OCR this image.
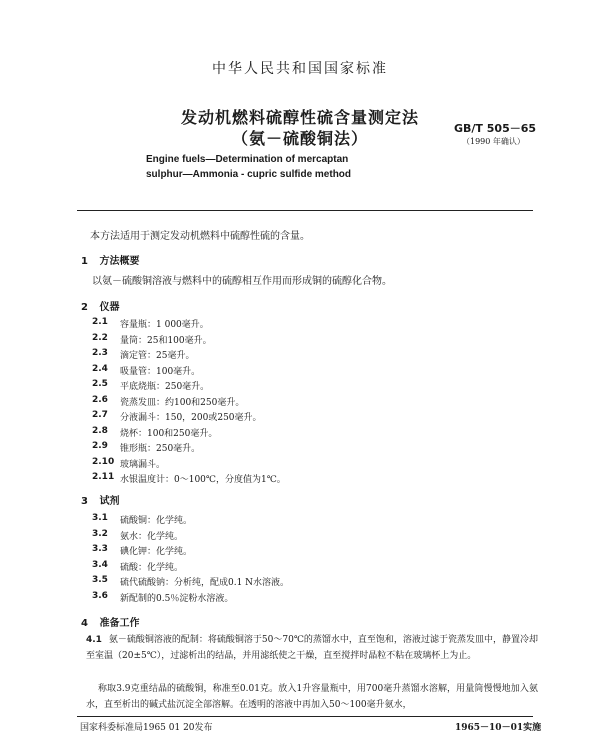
中华人民共和国国家标准
发动机燃料硫醇性硫含量测定法
（氨－硫酸铜法）
GB/T 505－65
（1990 年确认）
Engine fuels—Determination of mercaptan
sulphur—Ammonia - cupric sulfide method
本方法适用于测定发动机燃料中硫醇性硫的含量。
1 方法概要
以氨－硫酸铜溶液与燃料中的硫醇相互作用而形成铜的硫醇化合物。
2 仪器
2.1	容量瓶：1 000毫升。
2.2	量筒：25和100毫升。
2.3	滴定管：25毫升。
2.4	吸量管：100毫升。
2.5	平底烧瓶：250毫升。
2.6	瓷蒸发皿：约100和250毫升。
2.7	分液漏斗：150，200或250毫升。
2.8	烧杯：100和250毫升。
2.9	锥形瓶：250毫升。
2.10 玻璃漏斗。
2.11 水银温度计：0～100℃，分度值为1℃。
3 试剂
3.1	硫酸铜：化学纯。
3.2	氨水：化学纯。
3.3	碘化钾：化学纯。
3.4	硫酸：化学纯。
3.5	硫代硫酸钠：分析纯，配成0.1 N水溶液。
3.6	新配制的0.5％淀粉水溶液。
4 准备工作
4.1 氨－硫酸铜溶液的配制：将硫酸铜溶于50～70℃的蒸馏水中，直至饱和，溶液过滤于瓷蒸发皿中，静置冷却至室温（20±5℃），过滤析出的结晶，并用滤纸使之干燥，直至搅拌时晶粒不粘在玻璃杯上为止。
称取3.9克重结晶的硫酸铜，称准至0.01克。放入1升容量瓶中，用700毫升蒸馏水溶解，用量筒慢慢地加入氨水，直至析出的碱式盐沉淀全部溶解。在透明的溶液中再加入50～100毫升氨水，
国家科委标准局1965 01 20发布	1965－10－01实施
